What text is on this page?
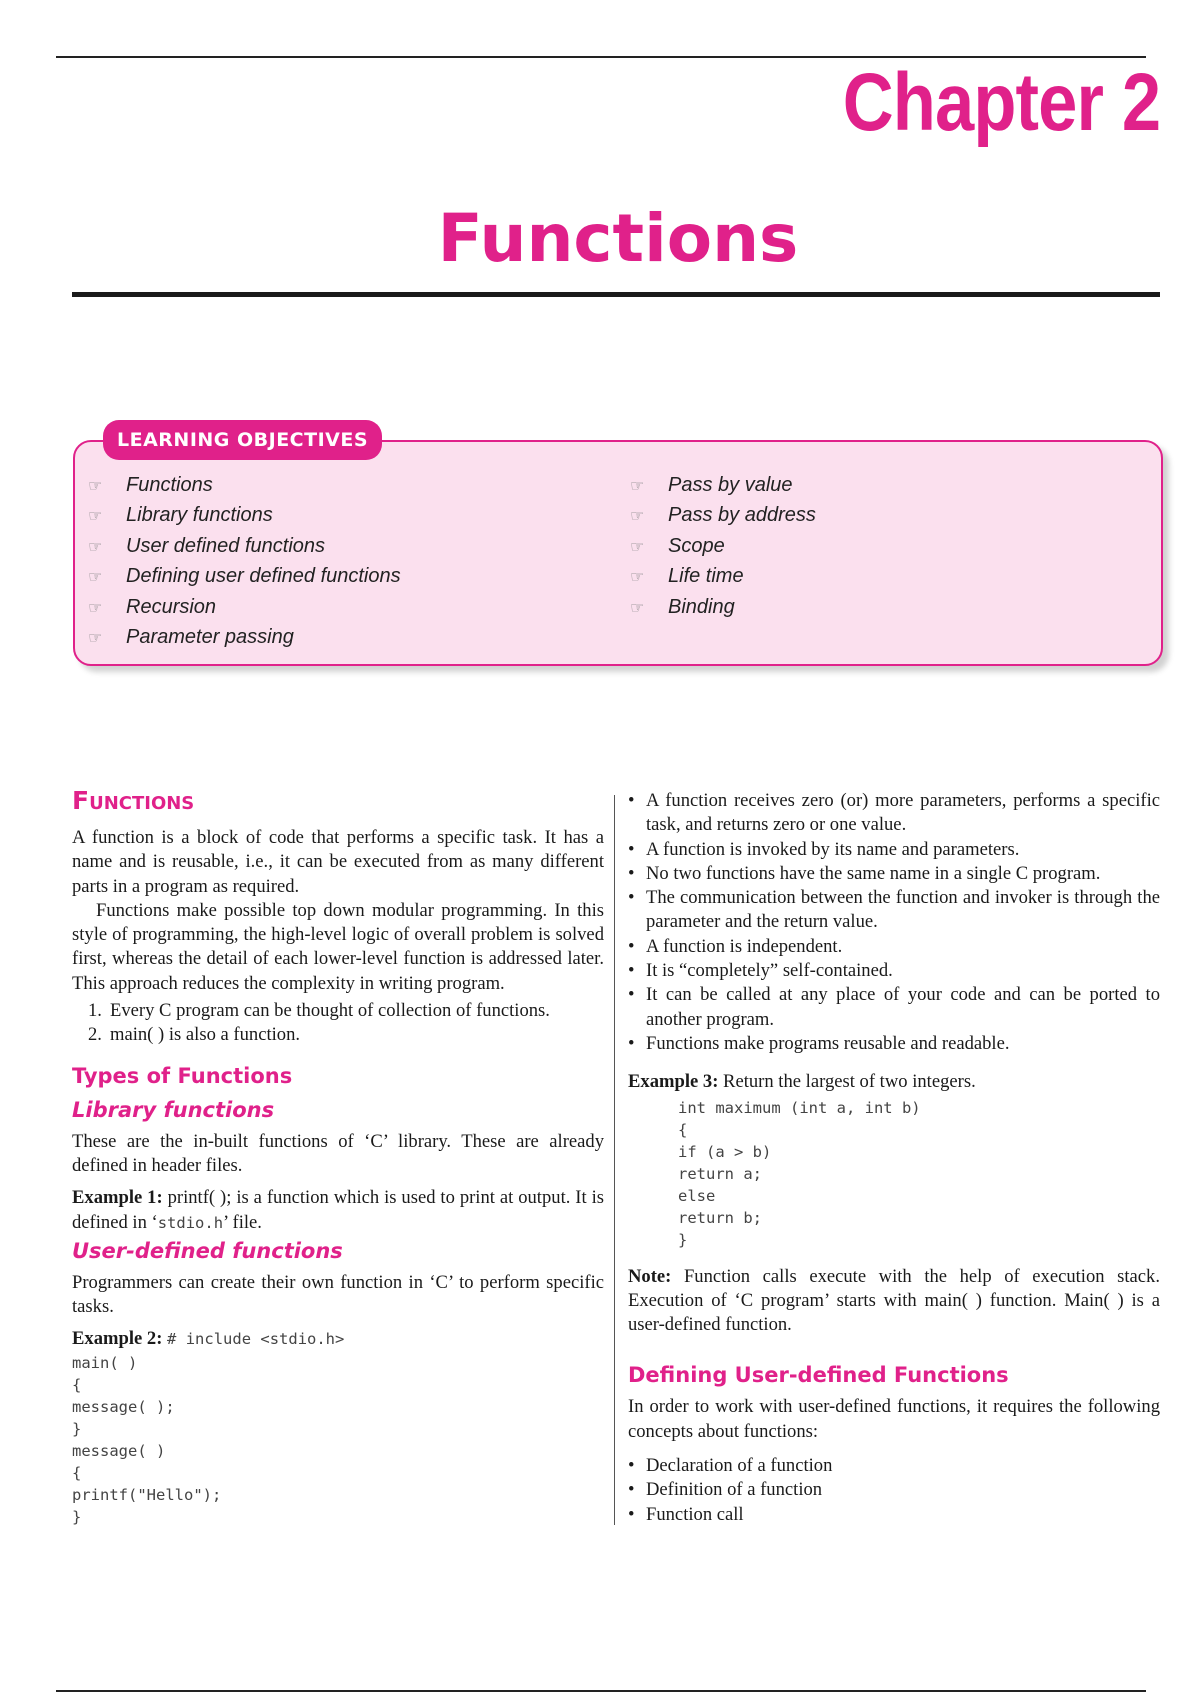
Chapter 2
Functions
LEARNING OBJECTIVES
☞	Functions
☞	Library functions
☞	User defined functions
☞	Defining user defined functions
☞	Recursion
☞	Parameter passing
☞	Pass by value
☞	Pass by address
☞	Scope
☞	Life time
☞	Binding
Functions

A function is a block of code that performs a specific task. It has a name and is reusable, i.e., it can be executed from as many different parts in a program as required.

Functions make possible top down modular programming. In this style of programming, the high-level logic of overall problem is solved first, whereas the detail of each lower-level function is addressed later. This approach reduces the complexity in writing program.

1. Every C program can be thought of collection of functions.
2. main( ) is also a function.
Types of Functions
Library functions

These are the in-built functions of ‘C’ library. These are already defined in header files.

Example 1: printf( ); is a function which is used to print at output. It is defined in ‘stdio.h’ file.

User-defined functions

Programmers can create their own function in ‘C’ to perform specific tasks.

Example 2: # include <stdio.h>

main( )
{
message( );
}
message( )
{
printf("Hello");
}
• A function receives zero (or) more parameters, performs a specific task, and returns zero or one value.
• A function is invoked by its name and parameters.
• No two functions have the same name in a single C program.
• The communication between the function and invoker is through the parameter and the return value.
• A function is independent.
• It is “completely” self-contained.
• It can be called at any place of your code and can be ported to another program.
• Functions make programs reusable and readable.

Example 3: Return the largest of two integers.

int maximum (int a, int b)
{
if (a > b)
return a;
else
return b;
}

Note: Function calls execute with the help of execution stack. Execution of ‘C program’ starts with main( ) function. Main( ) is a user-defined function.

Defining User-defined Functions

In order to work with user-defined functions, it requires the following concepts about functions:

• Declaration of a function
• Definition of a function
• Function call
